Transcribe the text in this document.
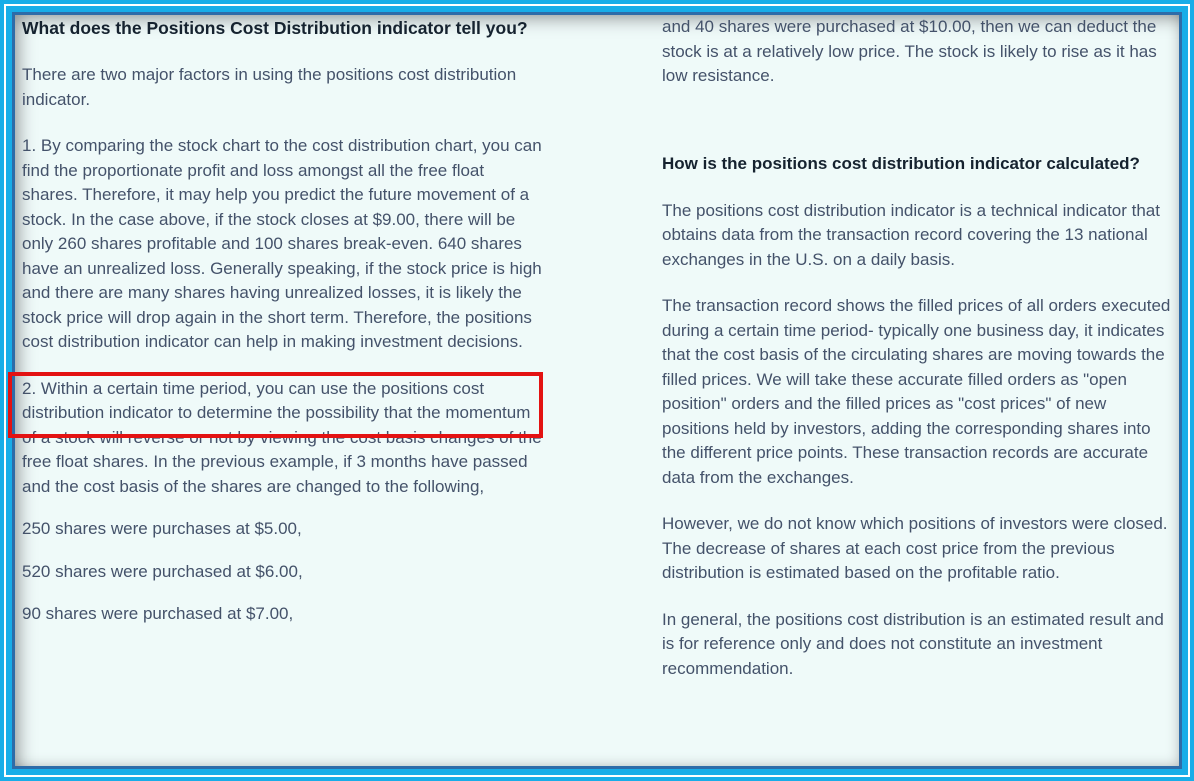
What does the Positions Cost Distribution indicator tell you?

There are two major factors in using the positions cost distribution indicator.

1. By comparing the stock chart to the cost distribution chart, you can find the proportionate profit and loss amongst all the free float shares. Therefore, it may help you predict the future movement of a stock. In the case above, if the stock closes at $9.00, there will be only 260 shares profitable and 100 shares break-even. 640 shares have an unrealized loss. Generally speaking, if the stock price is high and there are many shares having unrealized losses, it is likely the stock price will drop again in the short term. Therefore, the positions cost distribution indicator can help in making investment decisions.

2. Within a certain time period, you can use the positions cost distribution indicator to determine the possibility that the momentum of a stock will reverse or not by viewing the cost basis changes of the free float shares. In the previous example, if 3 months have passed and the cost basis of the shares are changed to the following,

250 shares were purchases at $5.00,

520 shares were purchased at $6.00,

90 shares were purchased at $7.00,

and 40 shares were purchased at $10.00, then we can deduct the stock is at a relatively low price. The stock is likely to rise as it has low resistance.

How is the positions cost distribution indicator calculated?

The positions cost distribution indicator is a technical indicator that obtains data from the transaction record covering the 13 national exchanges in the U.S. on a daily basis.

The transaction record shows the filled prices of all orders executed during a certain time period- typically one business day, it indicates that the cost basis of the circulating shares are moving towards the filled prices. We will take these accurate filled orders as "open position" orders and the filled prices as "cost prices" of new positions held by investors, adding the corresponding shares into the different price points. These transaction records are accurate data from the exchanges.

However, we do not know which positions of investors were closed. The decrease of shares at each cost price from the previous distribution is estimated based on the profitable ratio.

In general, the positions cost distribution is an estimated result and is for reference only and does not constitute an investment recommendation.
